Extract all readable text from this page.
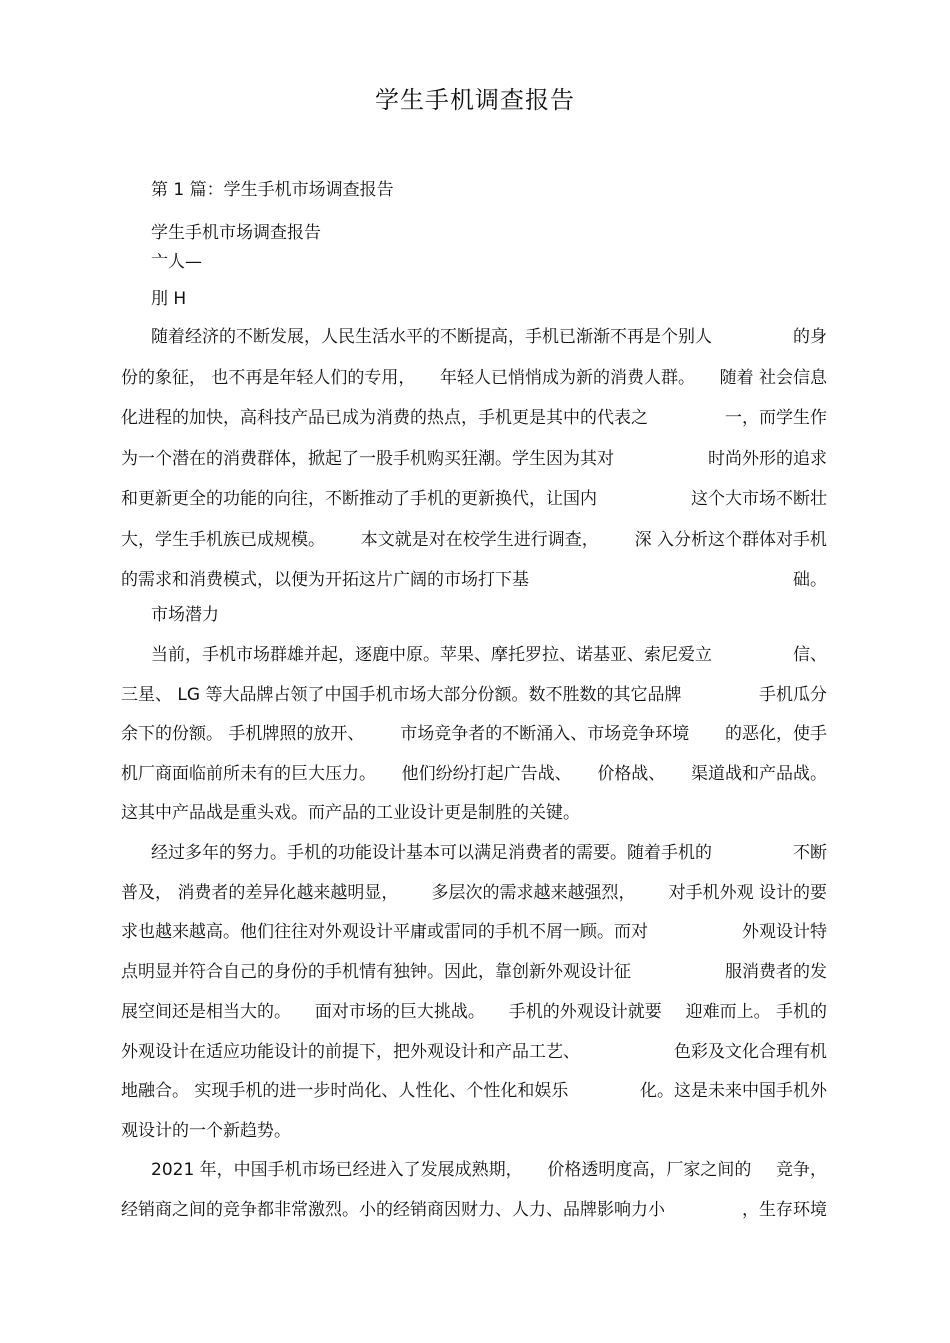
学生手机调查报告
第 1 篇：学生手机市场调查报告
学生手机市场调查报告
亠人—
刖 H
随着经济的不断发展，人民生活水平的不断提高，手机已渐渐不再是个别人	的身
份的象征， 也不再是年轻人们的专用， 年轻人已悄悄成为新的消费人群。 随着 社会信息
化进程的加快，高科技产品已成为消费的热点，手机更是其中的代表之	一，而学生作
为一个潜在的消费群体，掀起了一股手机购买狂潮。学生因为其对	时尚外形的追求
和更新更全的功能的向往，不断推动了手机的更新换代，让国内	这个大市场不断壮
大，学生手机族已成规模。 本文就是对在校学生进行调查， 深 入分析这个群体对手机
的需求和消费模式，以便为开拓这片广阔的市场打下基	础。
市场潜力
当前，手机市场群雄并起，逐鹿中原。苹果、摩托罗拉、诺基亚、索尼爱立	信、
三星、 LG 等大品牌占领了中国手机市场大部分份额。数不胜数的其它品牌	手机瓜分
余下的份额。 手机牌照的放开、 市场竞争者的不断涌入、市场竞争环境 的恶化，使手
机厂商面临前所未有的巨大压力。 他们纷纷打起广告战、 价格战、 渠道战和产品战。
这其中产品战是重头戏。而产品的工业设计更是制胜的关键。
经过多年的努力。手机的功能设计基本可以满足消费者的需要。随着手机的	不断
普及， 消费者的差异化越来越明显， 多层次的需求越来越强烈， 对手机外观 设计的要
求也越来越高。他们往往对外观设计平庸或雷同的手机不屑一顾。而对	外观设计特
点明显并符合自己的身份的手机情有独钟。因此，靠创新外观设计征	服消费者的发
展空间还是相当大的。 面对市场的巨大挑战。 手机的外观设计就要 迎难而上。 手机的
外观设计在适应功能设计的前提下，把外观设计和产品工艺、	色彩及文化合理有机
地融合。 实现手机的进一步时尚化、人性化、个性化和娱乐	化。这是未来中国手机外
观设计的一个新趋势。
2021 年，中国手机市场已经进入了发展成熟期， 价格透明度高，厂家之间的 竞争，
经销商之间的竞争都非常激烈。小的经销商因财力、人力、品牌影响力小	，生存环境
